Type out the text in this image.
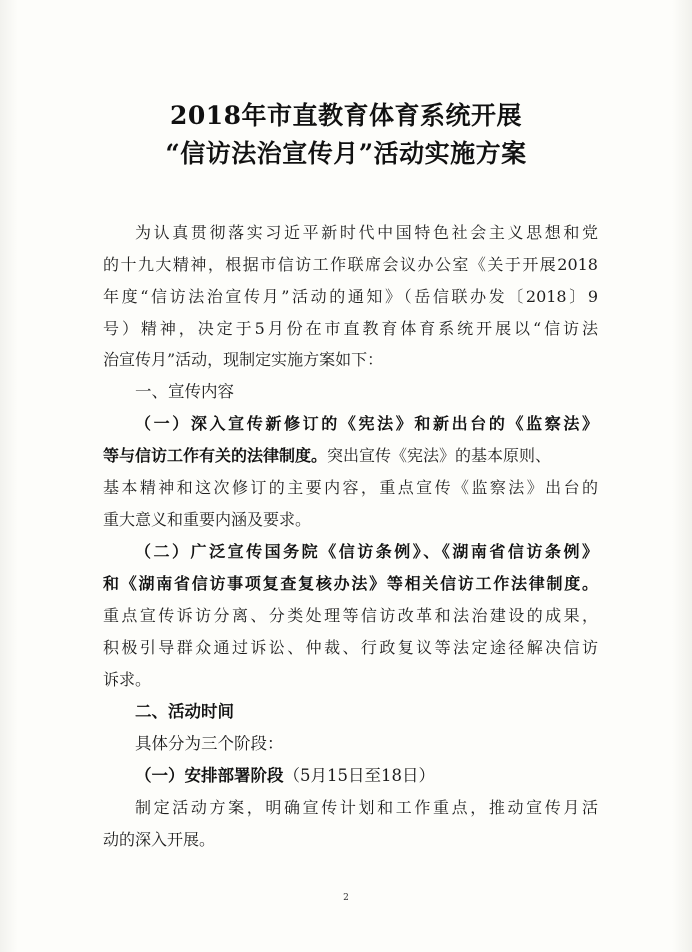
2018年市直教育体育系统开展
“信访法治宣传月”活动实施方案
为认真贯彻落实习近平新时代中国特色社会主义思想和党
的十九大精神，根据市信访工作联席会议办公室《关于开展2018
年度“信访法治宣传月”活动的通知》（岳信联办发〔2018〕9
号）精神，决定于5月份在市直教育体育系统开展以“信访法
治宣传月”活动，现制定实施方案如下：
一、宣传内容
（一）深入宣传新修订的《宪法》和新出台的《监察法》
等与信访工作有关的法律制度。突出宣传《宪法》的基本原则、
基本精神和这次修订的主要内容，重点宣传《监察法》出台的
重大意义和重要内涵及要求。
（二）广泛宣传国务院《信访条例》、《湖南省信访条例》
和《湖南省信访事项复查复核办法》等相关信访工作法律制度。
重点宣传诉访分离、分类处理等信访改革和法治建设的成果，
积极引导群众通过诉讼、仲裁、行政复议等法定途径解决信访
诉求。
二、活动时间
具体分为三个阶段：
（一）安排部署阶段（5月15日至18日）
制定活动方案，明确宣传计划和工作重点，推动宣传月活
动的深入开展。
2
